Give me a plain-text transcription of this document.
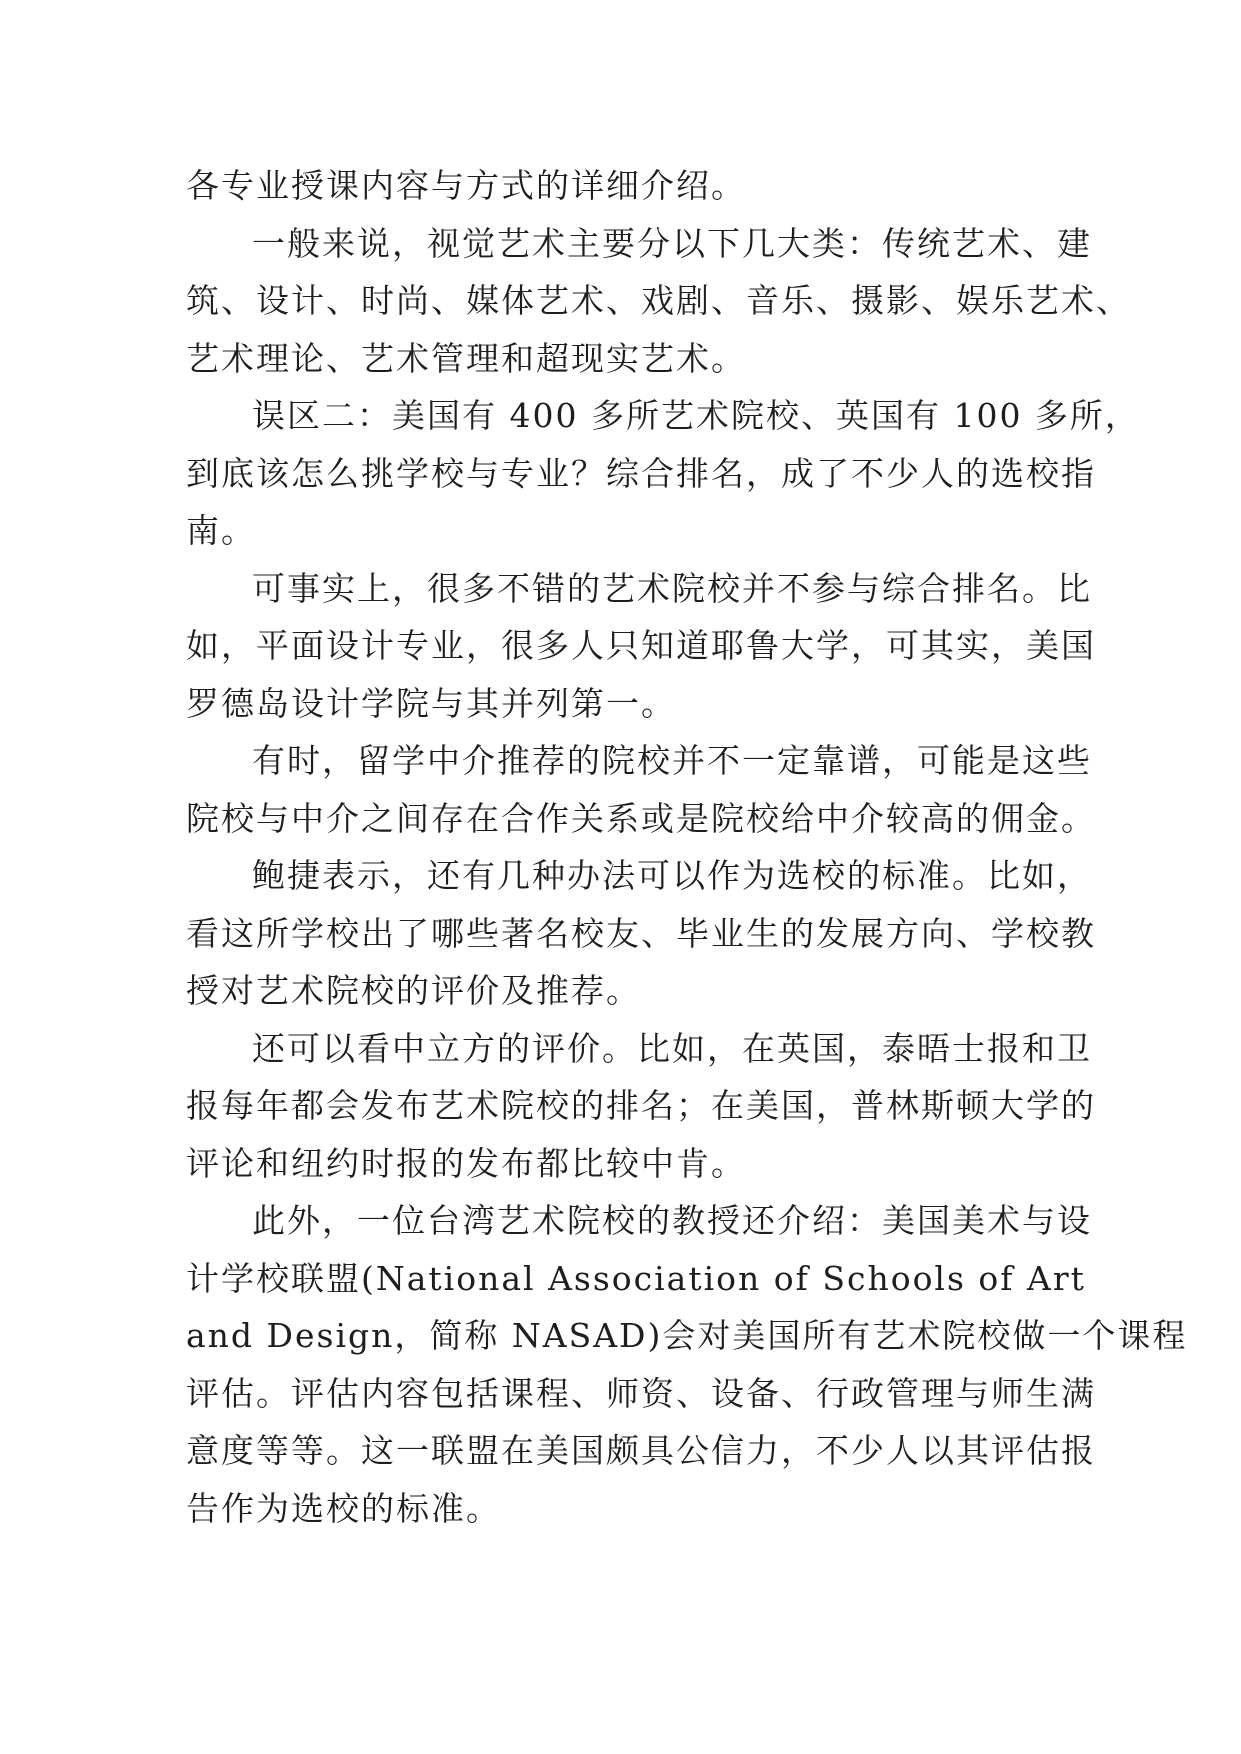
各专业授课内容与方式的详细介绍。
一般来说，视觉艺术主要分以下几大类：传统艺术、建
筑、设计、时尚、媒体艺术、戏剧、音乐、摄影、娱乐艺术、
艺术理论、艺术管理和超现实艺术。
误区二：美国有 400 多所艺术院校、英国有 100 多所，
到底该怎么挑学校与专业？综合排名，成了不少人的选校指
南。
可事实上，很多不错的艺术院校并不参与综合排名。比
如，平面设计专业，很多人只知道耶鲁大学，可其实，美国
罗德岛设计学院与其并列第一。
有时，留学中介推荐的院校并不一定靠谱，可能是这些
院校与中介之间存在合作关系或是院校给中介较高的佣金。
鲍捷表示，还有几种办法可以作为选校的标准。比如，
看这所学校出了哪些著名校友、毕业生的发展方向、学校教
授对艺术院校的评价及推荐。
还可以看中立方的评价。比如，在英国，泰晤士报和卫
报每年都会发布艺术院校的排名；在美国，普林斯顿大学的
评论和纽约时报的发布都比较中肯。
此外，一位台湾艺术院校的教授还介绍：美国美术与设
计学校联盟(National Association of Schools of Art
and Design，简称 NASAD)会对美国所有艺术院校做一个课程
评估。评估内容包括课程、师资、设备、行政管理与师生满
意度等等。这一联盟在美国颇具公信力，不少人以其评估报
告作为选校的标准。
